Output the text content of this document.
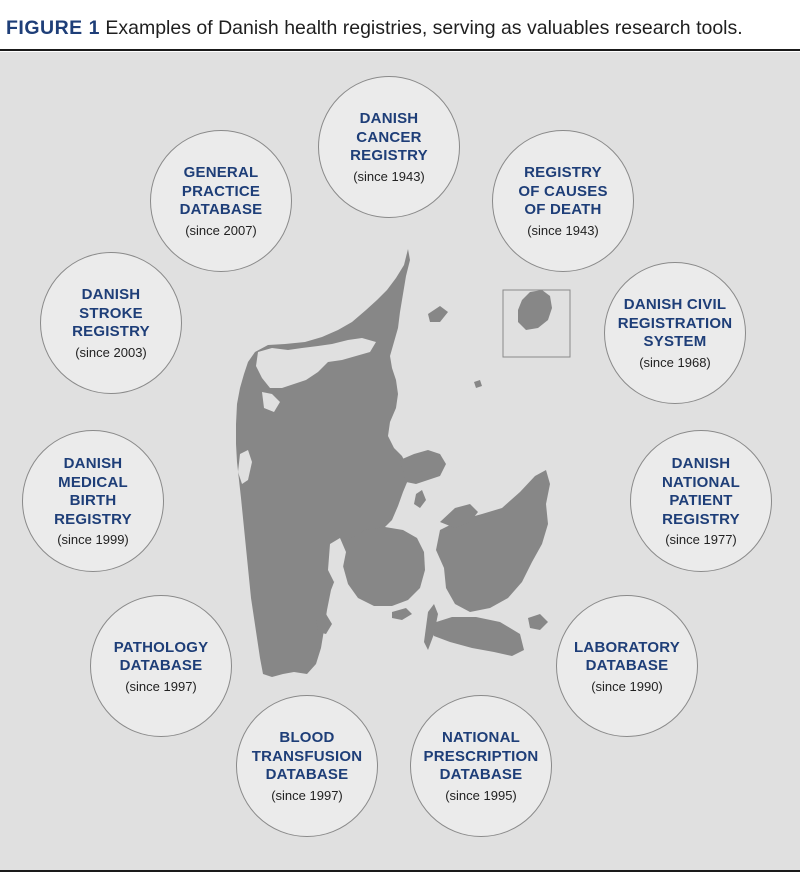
FIGURE 1 Examples of Danish health registries, serving as valuables research tools.
DANISH
CANCER
REGISTRY
(since 1943)	REGISTRY
OF CAUSES
OF DEATH
(since 1943)
DANISH CIVIL
REGISTRATION
SYSTEM
(since 1968)
DANISH
NATIONAL
PATIENT
REGISTRY
(since 1977)
LABORATORY
DATABASE
(since 1990)
NATIONAL
PRESCRIPTION
DATABASE
(since 1995)
BLOOD
TRANSFUSION
DATABASE
(since 1997)
PATHOLOGY
DATABASE
(since 1997)
DANISH
MEDICAL
BIRTH
REGISTRY
(since 1999)
DANISH
STROKE
REGISTRY
(since 2003)
GENERAL
PRACTICE
DATABASE
(since 2007)
